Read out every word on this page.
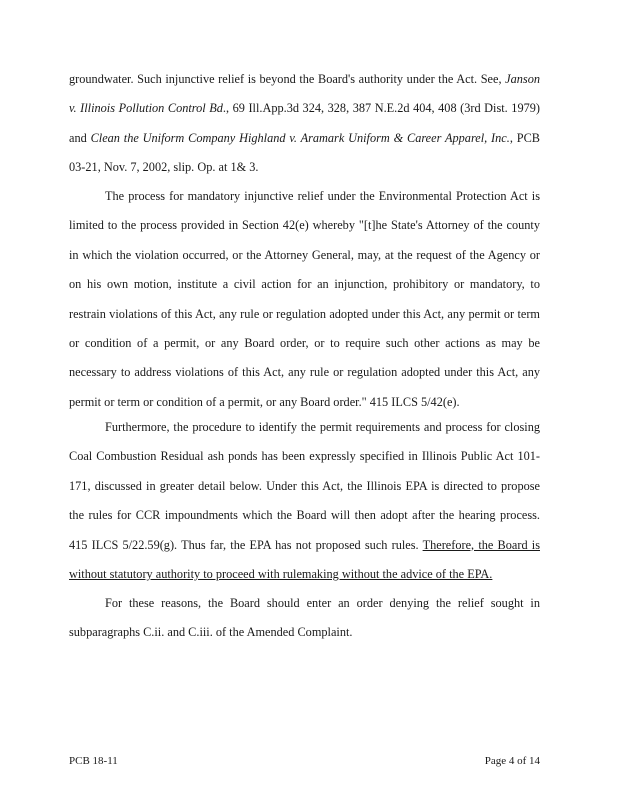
groundwater. Such injunctive relief is beyond the Board's authority under the Act. See, Janson v. Illinois Pollution Control Bd., 69 Ill.App.3d 324, 328, 387 N.E.2d 404, 408 (3rd Dist. 1979) and Clean the Uniform Company Highland v. Aramark Uniform & Career Apparel, Inc., PCB 03-21, Nov. 7, 2002, slip. Op. at 1& 3.

The process for mandatory injunctive relief under the Environmental Protection Act is limited to the process provided in Section 42(e) whereby "[t]he State's Attorney of the county in which the violation occurred, or the Attorney General, may, at the request of the Agency or on his own motion, institute a civil action for an injunction, prohibitory or mandatory, to restrain violations of this Act, any rule or regulation adopted under this Act, any permit or term or condition of a permit, or any Board order, or to require such other actions as may be necessary to address violations of this Act, any rule or regulation adopted under this Act, any permit or term or condition of a permit, or any Board order." 415 ILCS 5/42(e).

Furthermore, the procedure to identify the permit requirements and process for closing Coal Combustion Residual ash ponds has been expressly specified in Illinois Public Act 101-171, discussed in greater detail below. Under this Act, the Illinois EPA is directed to propose the rules for CCR impoundments which the Board will then adopt after the hearing process. 415 ILCS 5/22.59(g). Thus far, the EPA has not proposed such rules. Therefore, the Board is without statutory authority to proceed with rulemaking without the advice of the EPA.

For these reasons, the Board should enter an order denying the relief sought in subparagraphs C.ii. and C.iii. of the Amended Complaint.

PCB 18-11	Page 4 of 14
